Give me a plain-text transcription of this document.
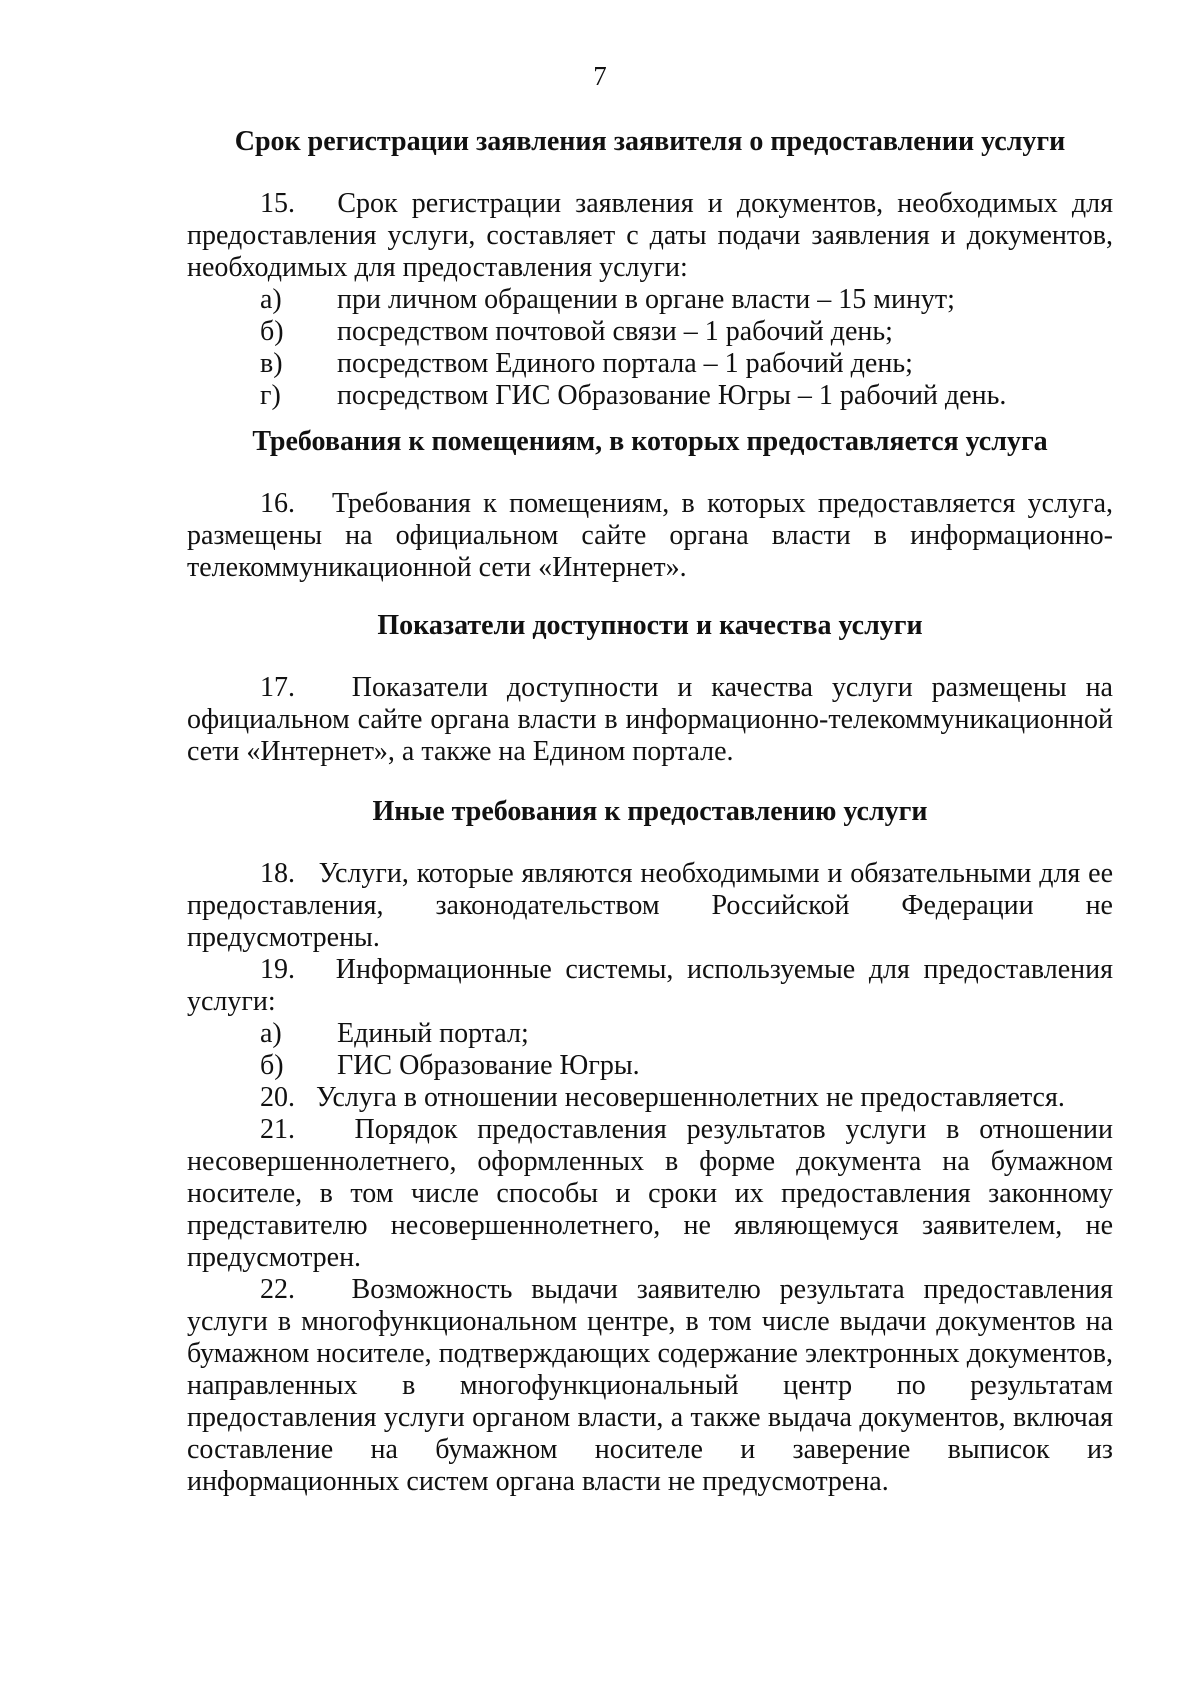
7
Срок регистрации заявления заявителя о предоставлении услуги

15. Срок регистрации заявления и документов, необходимых для предоставления услуги, составляет с даты подачи заявления и документов, необходимых для предоставления услуги:

а) при личном обращении в органе власти – 15 минут;
б) посредством почтовой связи – 1 рабочий день;
в) посредством Единого портала – 1 рабочий день;
г) посредством ГИС Образование Югры – 1 рабочий день.
Требования к помещениям, в которых предоставляется услуга

16. Требования к помещениям, в которых предоставляется услуга, размещены на официальном сайте органа власти в информационно-телекоммуникационной сети «Интернет».

Показатели доступности и качества услуги

17. Показатели доступности и качества услуги размещены на официальном сайте органа власти в информационно-телекоммуникационной сети «Интернет», а также на Едином портале.

Иные требования к предоставлению услуги

18. Услуги, которые являются необходимыми и обязательными для ее предоставления, законодательством Российской Федерации не предусмотрены.

19. Информационные системы, используемые для предоставления услуги:

а) Единый портал;
б) ГИС Образование Югры.

20. Услуга в отношении несовершеннолетних не предоставляется.

21. Порядок предоставления результатов услуги в отношении несовершеннолетнего, оформленных в форме документа на бумажном носителе, в том числе способы и сроки их предоставления законному представителю несовершеннолетнего, не являющемуся заявителем, не предусмотрен.

22. Возможность выдачи заявителю результата предоставления услуги в многофункциональном центре, в том числе выдачи документов на бумажном носителе, подтверждающих содержание электронных документов, направленных в многофункциональный центр по результатам предоставления услуги органом власти, а также выдача документов, включая составление на бумажном носителе и заверение выписок из информационных систем органа власти не предусмотрена.
